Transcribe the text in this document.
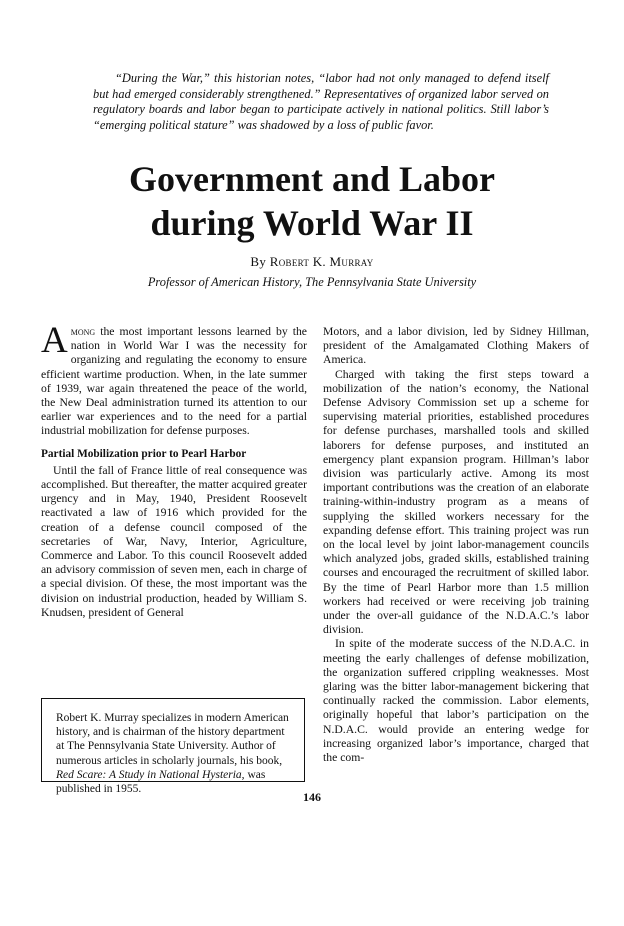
“During the War,” this historian notes, “labor had not only managed to defend itself but had emerged considerably strengthened.” Representatives of organized labor served on regulatory boards and labor began to participate actively in national politics. Still labor’s “emerging political stature” was shadowed by a loss of public favor.

Government and Labor
during World War II
By Robert K. Murray
Professor of American History, The Pennsylvania State University

Among the most important lessons learned by the nation in World War I was the necessity for organizing and regulating the economy to ensure efficient wartime production. When, in the late summer of 1939, war again threatened the peace of the world, the New Deal administration turned its attention to our earlier war experiences and to the need for a partial industrial mobilization for defense purposes.

Partial Mobilization prior to Pearl Harbor

Until the fall of France little of real consequence was accomplished. But thereafter, the matter acquired greater urgency and in May, 1940, President Roosevelt reactivated a law of 1916 which provided for the creation of a defense council composed of the secretaries of War, Navy, Interior, Agriculture, Commerce and Labor. To this council Roosevelt added an advisory commission of seven men, each in charge of a special division. Of these, the most important was the division on industrial production, headed by William S. Knudsen, president of General

Motors, and a labor division, led by Sidney Hillman, president of the Amalgamated Clothing Makers of America.

Charged with taking the first steps toward a mobilization of the nation’s economy, the National Defense Advisory Commission set up a scheme for supervising material priorities, established procedures for defense purchases, marshalled tools and skilled laborers for defense purposes, and instituted an emergency plant expansion program. Hillman’s labor division was particularly active. Among its most important contributions was the creation of an elaborate training-within-industry program as a means of supplying the skilled workers necessary for the expanding defense effort. This training project was run on the local level by joint labor-management councils which analyzed jobs, graded skills, established training courses and encouraged the recruitment of skilled labor. By the time of Pearl Harbor more than 1.5 million workers had received or were receiving job training under the over-all guidance of the N.D.A.C.’s labor division.

In spite of the moderate success of the N.D.A.C. in meeting the early challenges of defense mobilization, the organization suffered crippling weaknesses. Most glaring was the bitter labor-management bickering that continually racked the commission. Labor elements, originally hopeful that labor’s participation on the N.D.A.C. would provide an entering wedge for increasing organized labor’s importance, charged that the com-

Robert K. Murray specializes in modern American history, and is chairman of the history department at The Pennsylvania State University. Author of numerous articles in scholarly journals, his book, Red Scare: A Study in National Hysteria, was published in 1955.
146
